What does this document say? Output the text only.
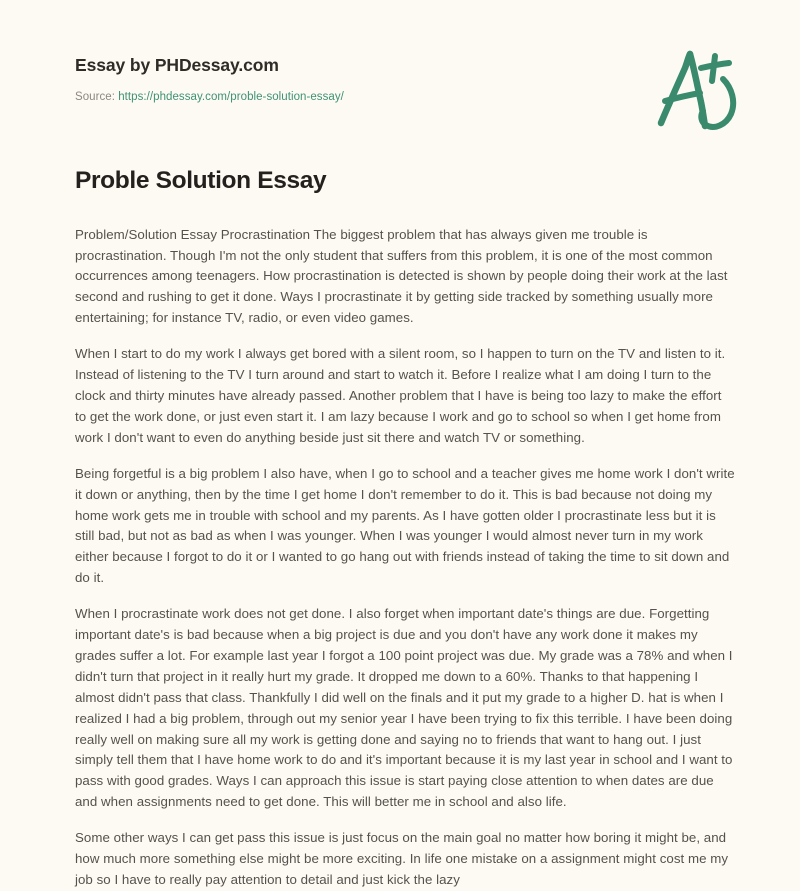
Essay by PHDessay.com
Source: https://phdessay.com/proble-solution-essay/
Proble Solution Essay

Problem/Solution Essay Procrastination The biggest problem that has always given me trouble is procrastination. Though I'm not the only student that suffers from this problem, it is one of the most common occurrences among teenagers. How procrastination is detected is shown by people doing their work at the last second and rushing to get it done. Ways I procrastinate it by getting side tracked by something usually more entertaining; for instance TV, radio, or even video games.

When I start to do my work I always get bored with a silent room, so I happen to turn on the TV and listen to it. Instead of listening to the TV I turn around and start to watch it. Before I realize what I am doing I turn to the clock and thirty minutes have already passed. Another problem that I have is being too lazy to make the effort to get the work done, or just even start it. I am lazy because I work and go to school so when I get home from work I don't want to even do anything beside just sit there and watch TV or something.

Being forgetful is a big problem I also have, when I go to school and a teacher gives me home work I don't write it down or anything, then by the time I get home I don't remember to do it. This is bad because not doing my home work gets me in trouble with school and my parents. As I have gotten older I procrastinate less but it is still bad, but not as bad as when I was younger. When I was younger I would almost never turn in my work either because I forgot to do it or I wanted to go hang out with friends instead of taking the time to sit down and do it.

When I procrastinate work does not get done. I also forget when important date's things are due. Forgetting important date's is bad because when a big project is due and you don't have any work done it makes my grades suffer a lot. For example last year I forgot a 100 point project was due. My grade was a 78% and when I didn't turn that project in it really hurt my grade. It dropped me down to a 60%. Thanks to that happening I almost didn't pass that class. Thankfully I did well on the finals and it put my grade to a higher D. hat is when I realized I had a big problem, through out my senior year I have been trying to fix this terrible. I have been doing really well on making sure all my work is getting done and saying no to friends that want to hang out. I just simply tell them that I have home work to do and it's important because it is my last year in school and I want to pass with good grades. Ways I can approach this issue is start paying close attention to when dates are due and when assignments need to get done. This will better me in school and also life.

Some other ways I can get pass this issue is just focus on the main goal no matter how boring it might be, and how much more something else might be more exciting. In life one mistake on a assignment might cost me my job so I have to really pay attention to detail and just kick the lazy
